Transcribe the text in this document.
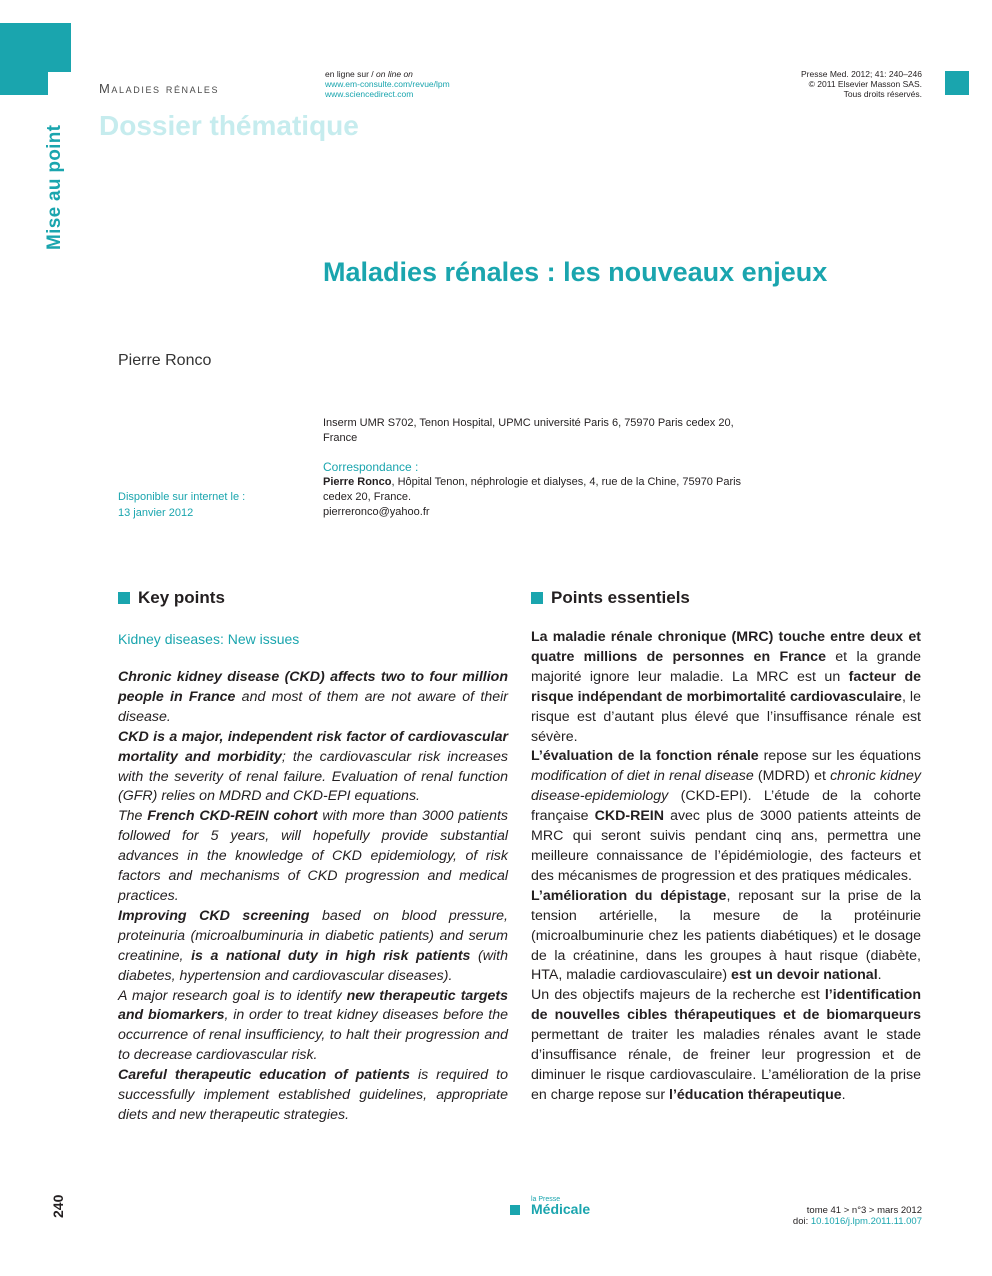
Maladies rénales
Dossier thématique
Mise au point
en ligne sur / on line on
www.em-consulte.com/revue/lpm
www.sciencedirect.com
Presse Med. 2012; 41: 240–246
© 2011 Elsevier Masson SAS.
Tous droits réservés.
Maladies rénales : les nouveaux enjeux
Pierre Ronco
Inserm UMR S702, Tenon Hospital, UPMC université Paris 6, 75970 Paris cedex 20, France
Correspondance :
Pierre Ronco, Hôpital Tenon, néphrologie et dialyses, 4, rue de la Chine, 75970 Paris cedex 20, France.
pierreronco@yahoo.fr
Disponible sur internet le :
13 janvier 2012
Key points	Points essentiels
Kidney diseases: New issues

Chronic kidney disease (CKD) affects two to four million people in France and most of them are not aware of their disease.

CKD is a major, independent risk factor of cardiovascular mortality and morbidity; the cardiovascular risk increases with the severity of renal failure. Evaluation of renal function (GFR) relies on MDRD and CKD-EPI equations.

The French CKD-REIN cohort with more than 3000 patients followed for 5 years, will hopefully provide substantial advances in the knowledge of CKD epidemiology, of risk factors and mechanisms of CKD progression and medical practices.

Improving CKD screening based on blood pressure, proteinuria (microalbuminuria in diabetic patients) and serum creatinine, is a national duty in high risk patients (with diabetes, hypertension and cardiovascular diseases).

A major research goal is to identify new therapeutic targets and biomarkers, in order to treat kidney diseases before the occurrence of renal insufficiency, to halt their progression and to decrease cardiovascular risk.

Careful therapeutic education of patients is required to successfully implement established guidelines, appropriate diets and new therapeutic strategies.

La maladie rénale chronique (MRC) touche entre deux et quatre millions de personnes en France et la grande majorité ignore leur maladie. La MRC est un facteur de risque indépendant de morbimortalité cardiovasculaire, le risque est d’autant plus élevé que l’insuffisance rénale est sévère.

L’évaluation de la fonction rénale repose sur les équations modification of diet in renal disease (MDRD) et chronic kidney disease-epidemiology (CKD-EPI). L’étude de la cohorte française CKD-REIN avec plus de 3000 patients atteints de MRC qui seront suivis pendant cinq ans, permettra une meilleure connaissance de l’épidémiologie, des facteurs et des mécanismes de progression et des pratiques médicales.

L’amélioration du dépistage, reposant sur la prise de la tension artérielle, la mesure de la protéinurie (microalbuminurie chez les patients diabétiques) et le dosage de la créatinine, dans les groupes à haut risque (diabète, HTA, maladie cardiovasculaire) est un devoir national.

Un des objectifs majeurs de la recherche est l’identification de nouvelles cibles thérapeutiques et de biomarqueurs permettant de traiter les maladies rénales avant le stade d’insuffisance rénale, de freiner leur progression et de diminuer le risque cardiovasculaire. L’amélioration de la prise en charge repose sur l’éducation thérapeutique.

240	la Presse
Médicale	tome 41 > n°3 > mars 2012
doi: 10.1016/j.lpm.2011.11.007
